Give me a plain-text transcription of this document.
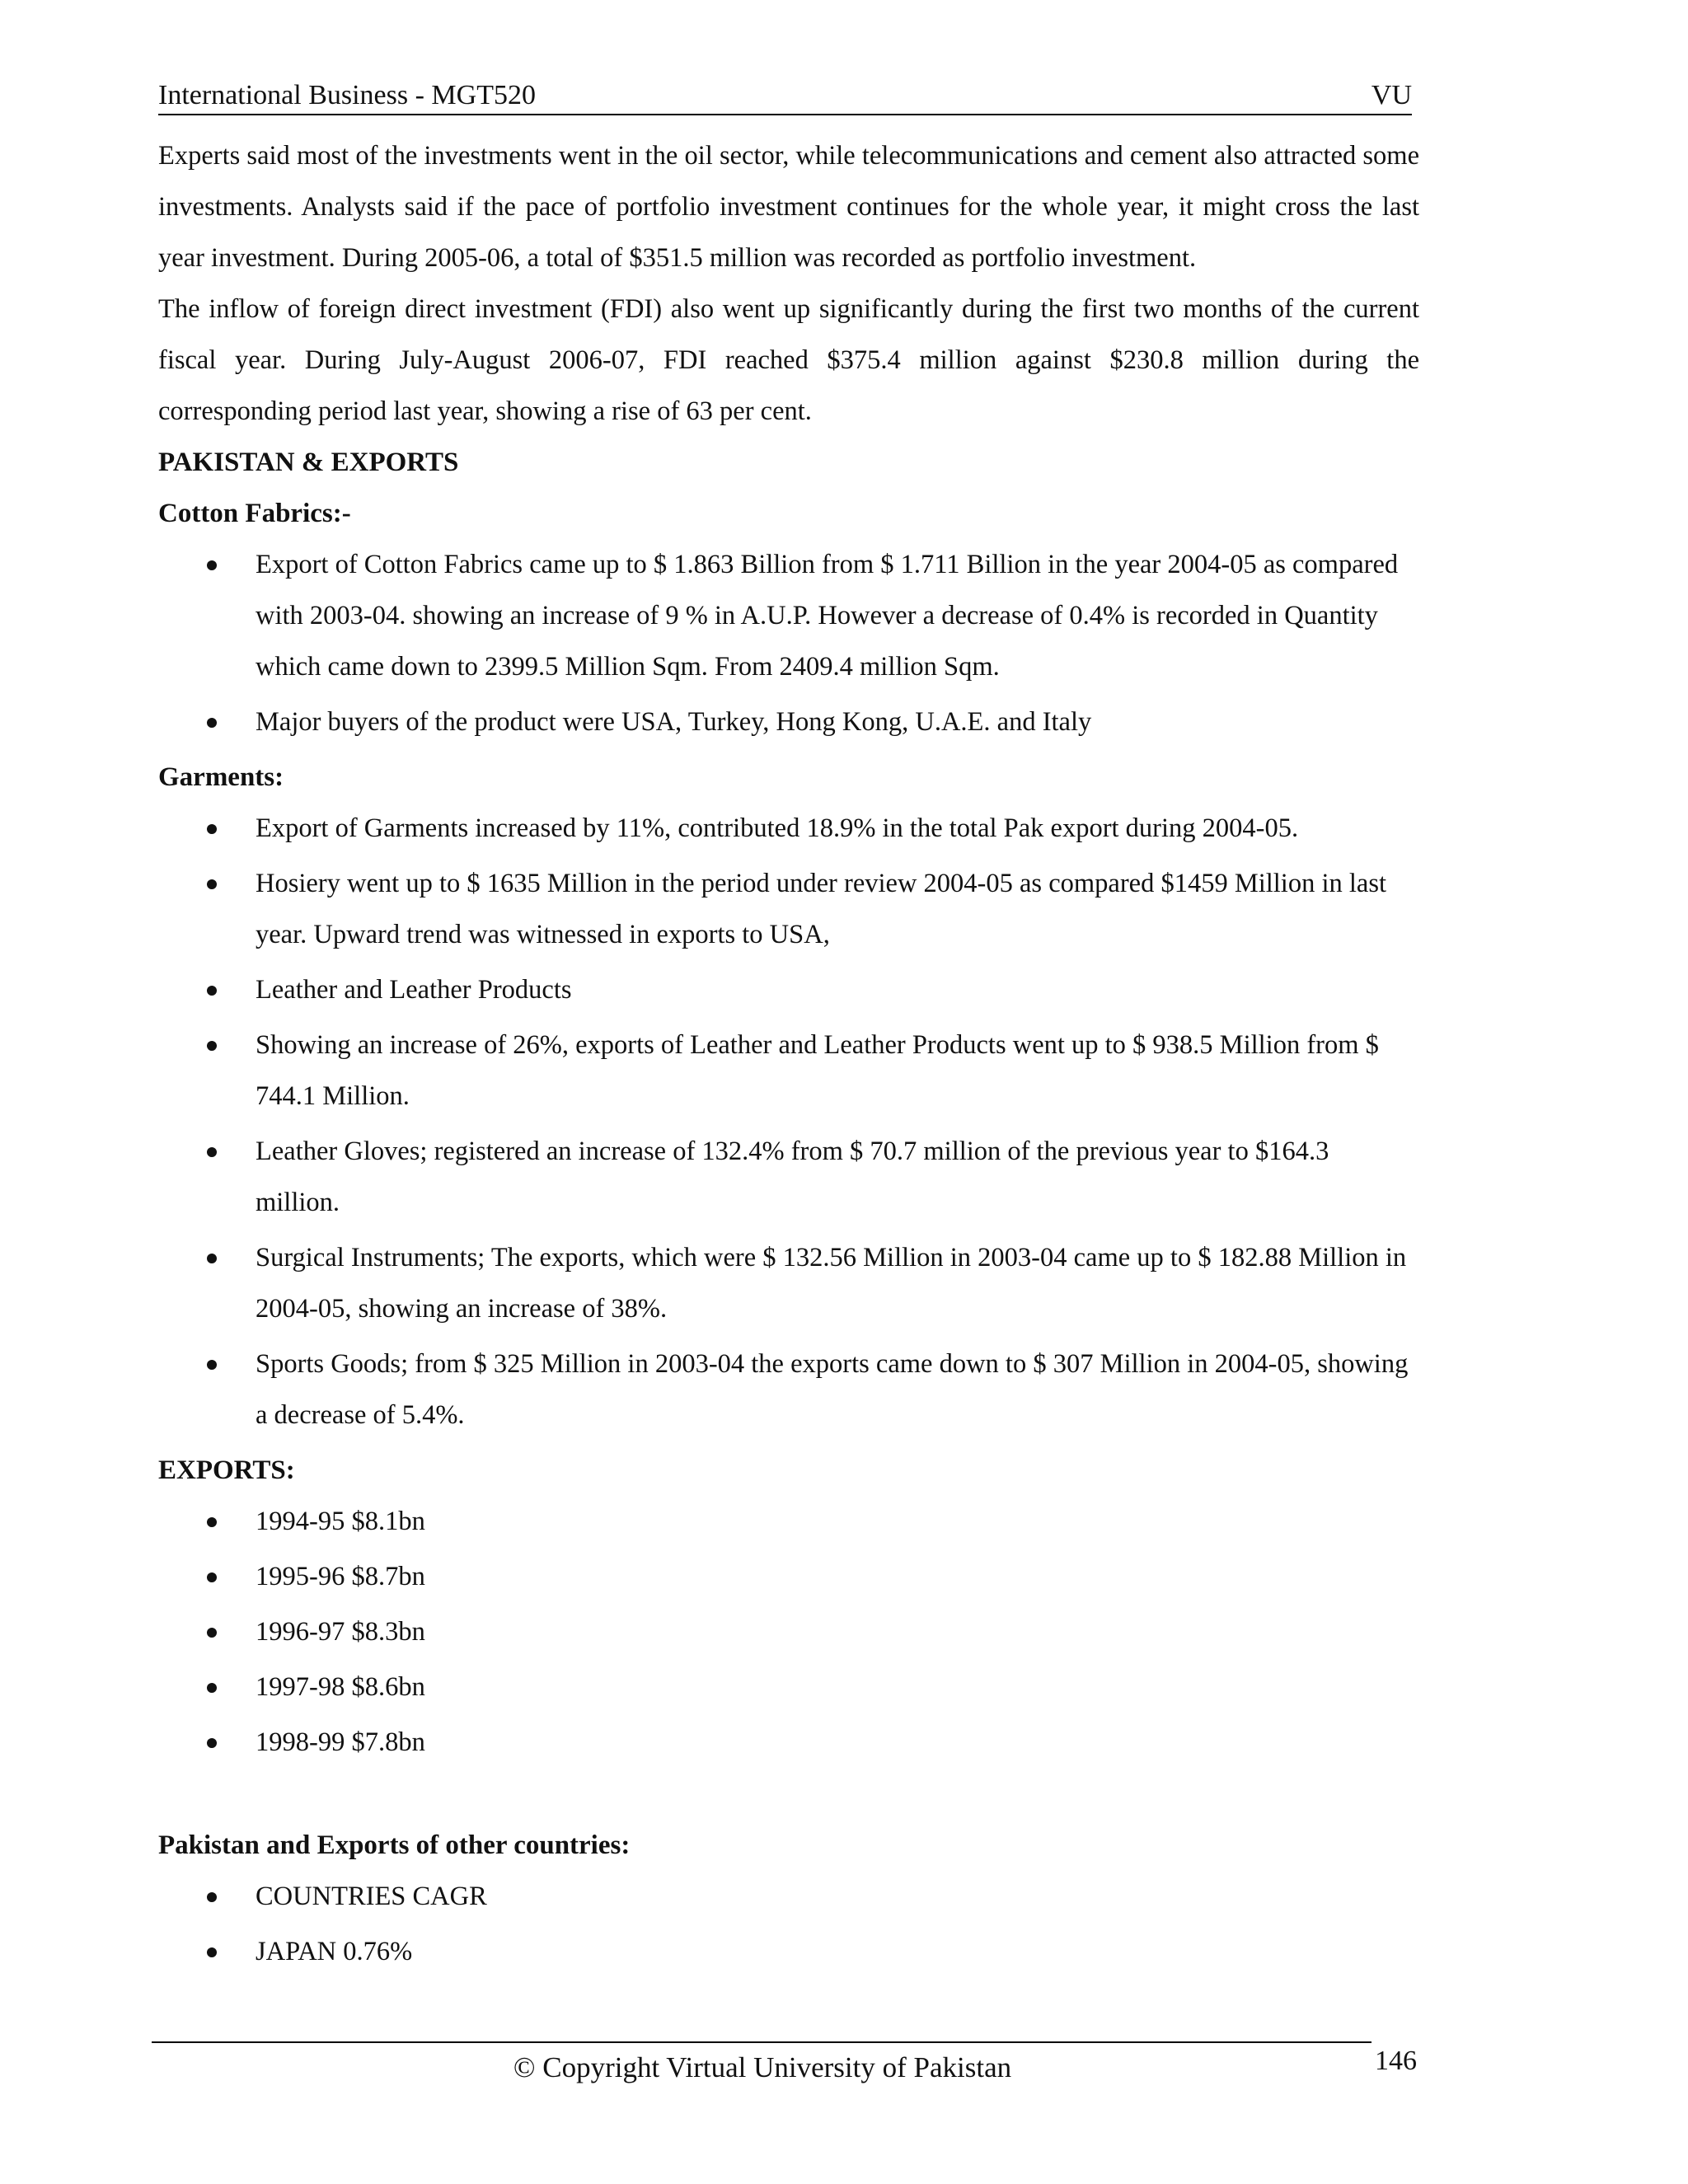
International Business - MGT520	VU

Experts said most of the investments went in the oil sector, while telecommunications and cement also attracted some investments. Analysts said if the pace of portfolio investment continues for the whole year, it might cross the last year investment. During 2005-06, a total of $351.5 million was recorded as portfolio investment.

The inflow of foreign direct investment (FDI) also went up significantly during the first two months of the current fiscal year. During July-August 2006-07, FDI reached $375.4 million against $230.8 million during the corresponding period last year, showing a rise of 63 per cent.

PAKISTAN & EXPORTS
Cotton Fabrics:-
Export of Cotton Fabrics came up to $ 1.863 Billion from $ 1.711 Billion in the year 2004-05 as compared with 2003-04. showing an increase of 9 % in A.U.P. However a decrease of 0.4% is recorded in Quantity which came down to 2399.5 Million Sqm. From 2409.4 million Sqm.
Major buyers of the product were USA, Turkey, Hong Kong, U.A.E. and Italy
Garments:
Export of Garments increased by 11%, contributed 18.9% in the total Pak export during 2004-05.
Hosiery went up to $ 1635 Million in the period under review 2004-05 as compared $1459 Million in last year. Upward trend was witnessed in exports to USA,
Leather and Leather Products
Showing an increase of 26%, exports of Leather and Leather Products went up to $ 938.5 Million from $ 744.1 Million.
Leather Gloves; registered an increase of 132.4% from $ 70.7 million of the previous year to $164.3 million.
Surgical Instruments; The exports, which were $ 132.56 Million in 2003-04 came up to $ 182.88 Million in 2004-05, showing an increase of 38%.
Sports Goods; from $ 325 Million in 2003-04 the exports came down to $ 307 Million in 2004-05, showing a decrease of 5.4%.
EXPORTS:
1994-95 $8.1bn
1995-96 $8.7bn
1996-97 $8.3bn
1997-98 $8.6bn
1998-99 $7.8bn
Pakistan and Exports of other countries:
COUNTRIES CAGR
JAPAN 0.76%
© Copyright Virtual University of Pakistan	146
